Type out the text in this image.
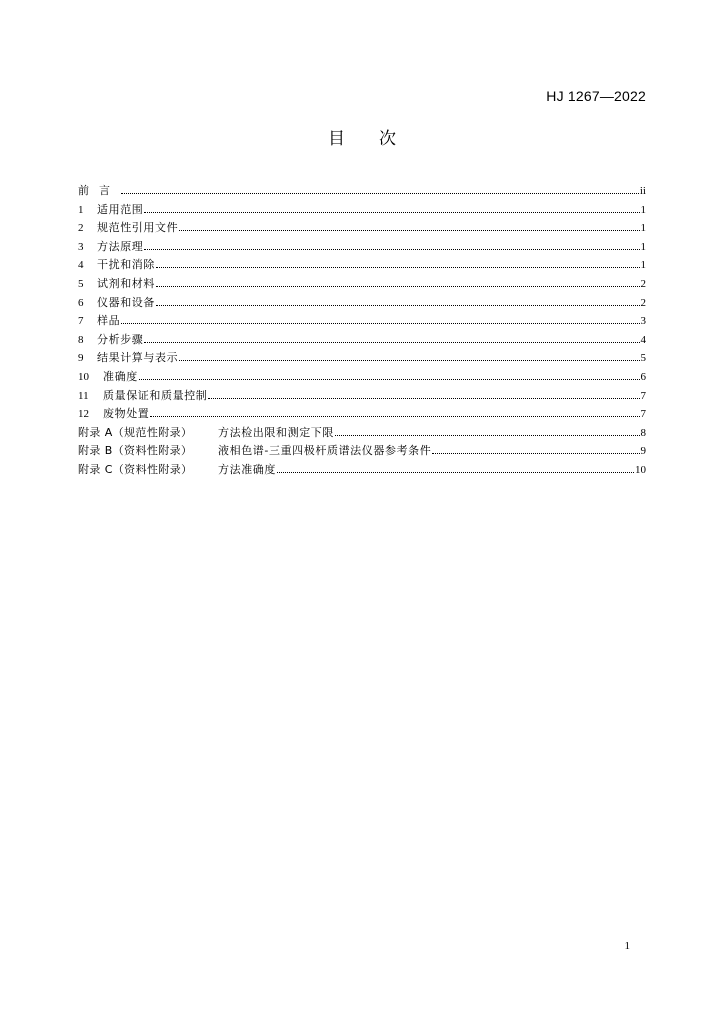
HJ 1267—2022
目次
前言	ii
1	适用范围	1
2	规范性引用文件	1
3	方法原理	1
4	干扰和消除	1
5	试剂和材料	2
6	仪器和设备	2
7	样品	3
8	分析步骤	4
9	结果计算与表示	5
10	准确度	6
11	质量保证和质量控制	7
12	废物处置	7
附录 A（规范性附录）	方法检出限和测定下限	8
附录 B（资料性附录）	液相色谱-三重四极杆质谱法仪器参考条件	9
附录 C（资料性附录）	方法准确度	10
1
